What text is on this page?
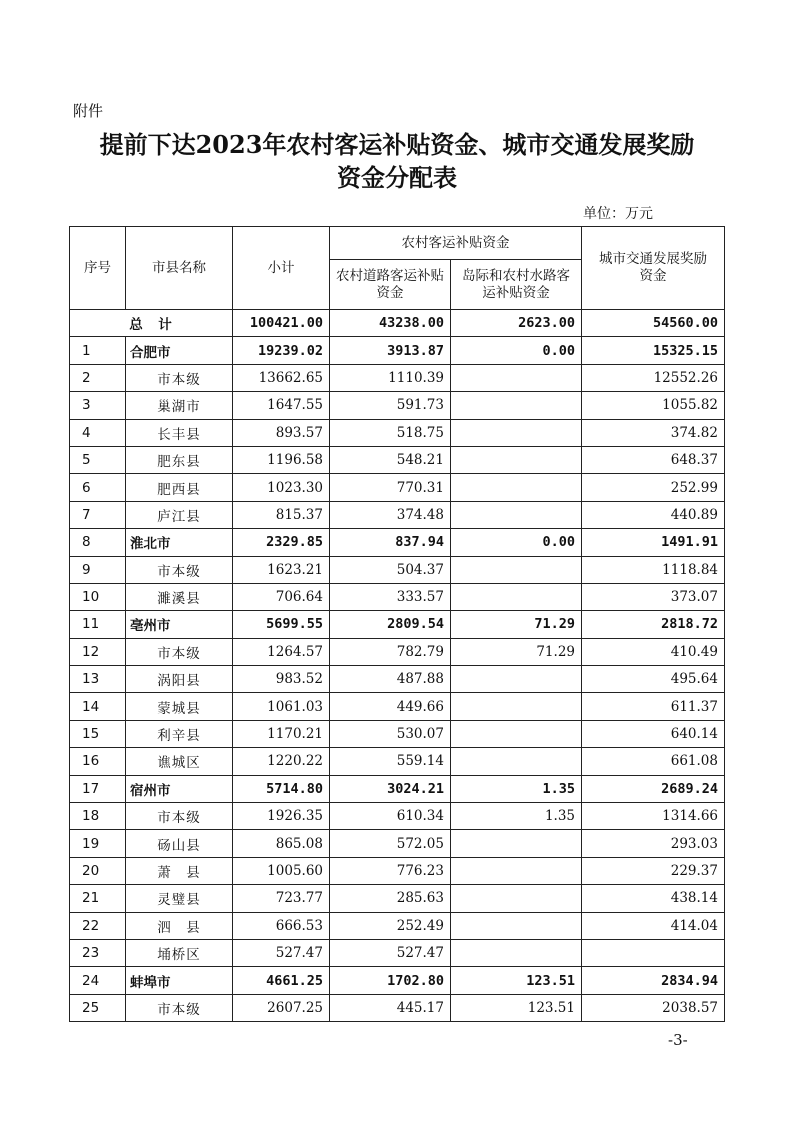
附件
提前下达2023年农村客运补贴资金、城市交通发展奖励
资金分配表
单位：万元
序号	市县名称	小计	农村客运补贴资金		城市交通发展奖励资金
			农村道路客运补贴资金	岛际和农村水路客运补贴资金	
总　计		100421.00	43238.00	2623.00	54560.00
1	合肥市	19239.02	3913.87	0.00	15325.15
2	市本级	13662.65	1110.39		12552.26
3	巢湖市	1647.55	591.73		1055.82
4	长丰县	893.57	518.75		374.82
5	肥东县	1196.58	548.21		648.37
6	肥西县	1023.30	770.31		252.99
7	庐江县	815.37	374.48		440.89
8	淮北市	2329.85	837.94	0.00	1491.91
9	市本级	1623.21	504.37		1118.84
10	濉溪县	706.64	333.57		373.07
11	亳州市	5699.55	2809.54	71.29	2818.72
12	市本级	1264.57	782.79	71.29	410.49
13	涡阳县	983.52	487.88		495.64
14	蒙城县	1061.03	449.66		611.37
15	利辛县	1170.21	530.07		640.14
16	谯城区	1220.22	559.14		661.08
17	宿州市	5714.80	3024.21	1.35	2689.24
18	市本级	1926.35	610.34	1.35	1314.66
19	砀山县	865.08	572.05		293.03
20	萧　县	1005.60	776.23		229.37
21	灵璧县	723.77	285.63		438.14
22	泗　县	666.53	252.49		414.04
23	埇桥区	527.47	527.47		
24	蚌埠市	4661.25	1702.80	123.51	2834.94
25	市本级	2607.25	445.17	123.51	2038.57
-3-
